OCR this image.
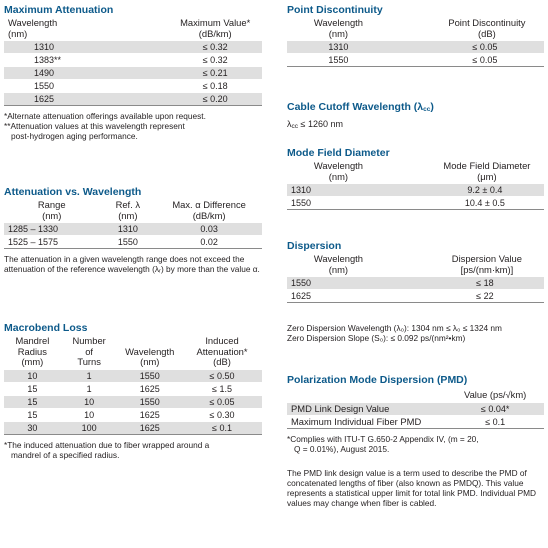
Maximum Attenuation
Wavelength
(nm)	Maximum Value*
(dB/km)
1310	≤ 0.32
1383**	≤ 0.32
1490	≤ 0.21
1550	≤ 0.18
1625	≤ 0.20

*Alternate attenuation offerings available upon request.

**Attenuation values at this wavelength represent

post-hydrogen aging performance.

Attenuation vs. Wavelength
Range
(nm)	Ref. λ
(nm)	Max. α Difference
(dB/km)
1285 – 1330	1310	0.03
1525 – 1575	1550	0.02

The attenuation in a given wavelength range does not exceed the attenuation of the reference wavelength (λᵣ) by more than the value α.

Macrobend Loss
Mandrel
Radius
(mm)	Number
of
Turns	Wavelength
(nm)	Induced
Attenuation*
(dB)
10	1	1550	≤ 0.50
15	1	1625	≤ 1.5
15	10	1550	≤ 0.05
15	10	1625	≤ 0.30
30	100	1625	≤ 0.1

*The induced attenuation due to fiber wrapped around a

mandrel of a specified radius.

Point Discontinuity
Wavelength
(nm)	Point Discontinuity
(dB)
1310	≤ 0.05
1550	≤ 0.05
Cable Cutoff Wavelength (λcc)

λcc ≤ 1260 nm

Mode Field Diameter
Wavelength
(nm)	Mode Field Diameter
(μm)
1310	9.2 ± 0.4
1550	10.4 ± 0.5
Dispersion
Wavelength
(nm)	Dispersion Value
[ps/(nm·km)]
1550	≤ 18
1625	≤ 22

Zero Dispersion Wavelength (λ₀): 1304 nm ≤ λ₀ ≤ 1324 nm

Zero Dispersion Slope (S₀): ≤ 0.092 ps/(nm²•km)

Polarization Mode Dispersion (PMD)
	Value (ps/√km)
PMD Link Design Value	≤ 0.04*
Maximum Individual Fiber PMD	≤ 0.1

*Complies with ITU-T G.650-2 Appendix IV, (m = 20,

Q = 0.01%), August 2015.

The PMD link design value is a term used to describe the PMD of concatenated lengths of fiber (also known as PMDQ). This value represents a statistical upper limit for total link PMD. Individual PMD values may change when fiber is cabled.
